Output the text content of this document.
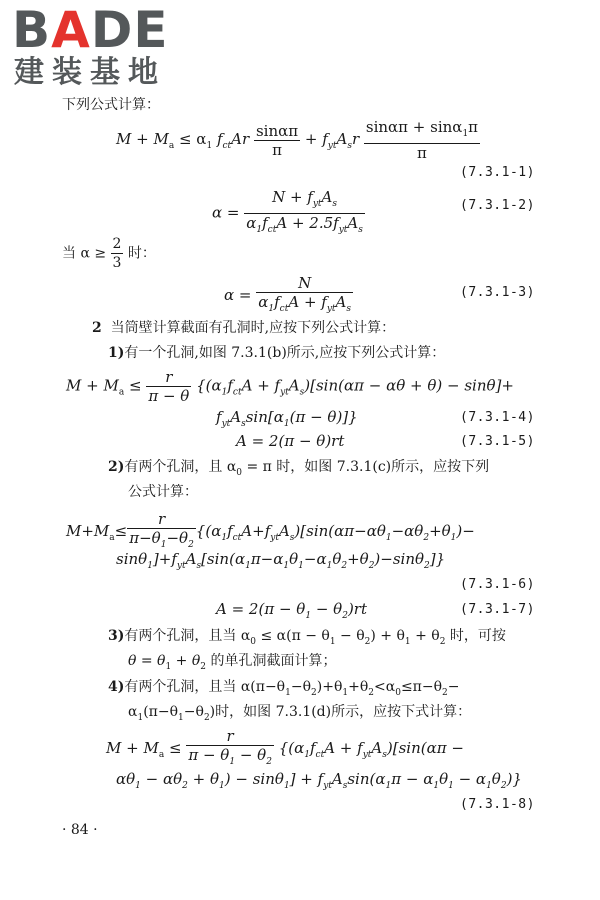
BADE
建装基地
下列公式计算：
$M + M_a \le \alpha_1$ $f_{ct}Ar \frac{\sin\alpha\pi}{\pi} + f_{yt}A_sr \frac{\sin\alpha\pi + \sin\alpha_1\pi}{\pi}$
(7.3.1-1)
$\alpha = \frac{N + f_{yt}A_s}{\alpha_1f_{ct}A + 2.5f_{yt}A_s}$	(7.3.1-2)
当 $\alpha \ge \frac{2}{3}$ 时：
$\alpha = \frac{N}{\alpha_1f_{ct}A + f_{yt}A_s}$	(7.3.1-3)
2 当筒壁计算截面有孔洞时,应按下列公式计算：
1)有一个孔洞,如图 7.3.1(b)所示,应按下列公式计算：
$M + M_a \le \frac{r}{\pi - \theta} \{(\alpha_1f_{ct}A + f_{yt}A_s)[\sin(\alpha\pi - \alpha\theta + \theta) - \sin\theta]+$
$f_{yt}A_s\sin[\alpha_1(\pi - \theta)]$}	(7.3.1-4)
A = 2(π − θ)rt	(7.3.1-5)
2)有两个孔洞，且 $\alpha_0 = \pi$ 时，如图 7.3.1(c)所示，应按下列
公式计算：
$M+M_a\le \frac{r}{\pi-\theta_1-\theta_2} \{(\alpha_1f_{ct}A+f_{yt}A_s)[\sin(\alpha\pi-\alpha\theta_1-\alpha\theta_2+\theta_1)-$
$\sin\theta_1]+f_{yt}A_s[\sin(\alpha_1\pi-\alpha_1\theta_1-\alpha_1\theta_2+\theta_2)-\sin\theta_2]$}
(7.3.1-6)
$A = 2(\pi - \theta_1 - \theta_2)rt$	(7.3.1-7)
3)有两个孔洞，且当 $\alpha_0 \le \alpha(\pi - \theta_1 - \theta_2) + \theta_1 + \theta_2$ 时，可按
$\theta = \theta_1 + \theta_2$ 的单孔洞截面计算；
4)有两个孔洞，且当 $\alpha(\pi-\theta_1-\theta_2)+\theta_1+\theta_2<\alpha_0\le\pi-\theta_2-$
$\alpha_1(\pi-\theta_1-\theta_2)$时，如图 7.3.1(d)所示，应按下式计算：
$M + M_a \le \frac{r}{\pi - \theta_1 - \theta_2} \{(\alpha_1f_{ct}A + f_{yt}A_s)[\sin(\alpha\pi$ −
$\alpha\theta_1 - \alpha\theta_2 + \theta_1) - \sin\theta_1] + f_{yt}A_s\sin(\alpha_1\pi - \alpha_1\theta_1 - \alpha_1\theta_2)$}
(7.3.1-8)
· 84 ·
